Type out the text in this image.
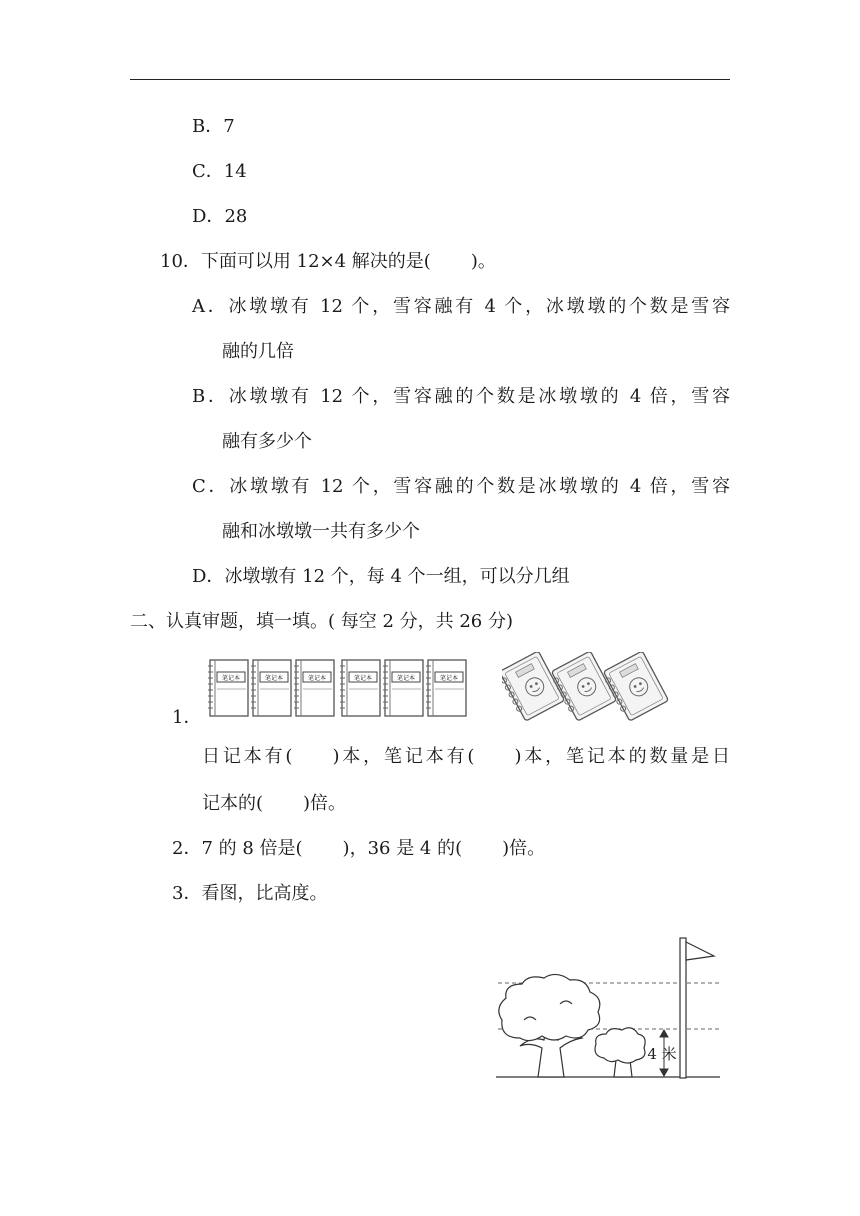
B．7
C．14
D．28
10．下面可以用 12×4 解决的是( )。
A．冰墩墩有 12 个，雪容融有 4 个，冰墩墩的个数是雪容
融的几倍
B．冰墩墩有 12 个，雪容融的个数是冰墩墩的 4 倍，雪容
融有多少个
C．冰墩墩有 12 个，雪容融的个数是冰墩墩的 4 倍，雪容
融和冰墩墩一共有多少个
D．冰墩墩有 12 个，每 4 个一组，可以分几组
二、认真审题，填一填。( 每空 2 分，共 26 分)
1．
笔记本	笔记本	笔记本	笔记本	笔记本	笔记本
日记本有( )本，笔记本有( )本，笔记本的数量是日
记本的( )倍。
2．7 的 8 倍是( )，36 是 4 的( )倍。
3．看图，比高度。
4 米
